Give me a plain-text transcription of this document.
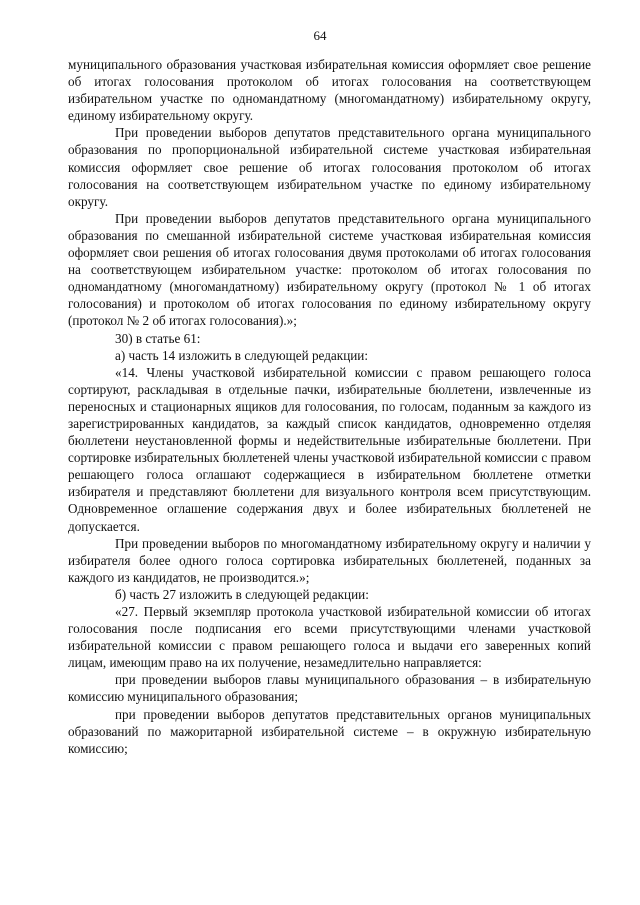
64

муниципального образования участковая избирательная комиссия оформляет свое решение об итогах голосования протоколом об итогах голосования на соответствующем избирательном участке по одномандатному (многомандатному) избирательному округу, единому избирательному округу.

При проведении выборов депутатов представительного органа муниципального образования по пропорциональной избирательной системе участковая избирательная комиссия оформляет свое решение об итогах голосования протоколом об итогах голосования на соответствующем избирательном участке по единому избирательному округу.

При проведении выборов депутатов представительного органа муниципального образования по смешанной избирательной системе участковая избирательная комиссия оформляет свои решения об итогах голосования двумя протоколами об итогах голосования на соответствующем избирательном участке: протоколом об итогах голосования по одномандатному (многомандатному) избирательному округу (протокол № 1 об итогах голосования) и протоколом об итогах голосования по единому избирательному округу (протокол № 2 об итогах голосования).»;

30) в статье 61:

а) часть 14 изложить в следующей редакции:

«14. Члены участковой избирательной комиссии с правом решающего голоса сортируют, раскладывая в отдельные пачки, избирательные бюллетени, извлеченные из переносных и стационарных ящиков для голосования, по голосам, поданным за каждого из зарегистрированных кандидатов, за каждый список кандидатов, одновременно отделяя бюллетени неустановленной формы и недействительные избирательные бюллетени. При сортировке избирательных бюллетеней члены участковой избирательной комиссии с правом решающего голоса оглашают содержащиеся в избирательном бюллетене отметки избирателя и представляют бюллетени для визуального контроля всем присутствующим. Одновременное оглашение содержания двух и более избирательных бюллетеней не допускается.

При проведении выборов по многомандатному избирательному округу и наличии у избирателя более одного голоса сортировка избирательных бюллетеней, поданных за каждого из кандидатов, не производится.»;

б) часть 27 изложить в следующей редакции:

«27. Первый экземпляр протокола участковой избирательной комиссии об итогах голосования после подписания его всеми присутствующими членами участковой избирательной комиссии с правом решающего голоса и выдачи его заверенных копий лицам, имеющим право на их получение, незамедлительно направляется:

при проведении выборов главы муниципального образования – в избирательную комиссию муниципального образования;

при проведении выборов депутатов представительных органов муниципальных образований по мажоритарной избирательной системе – в окружную избирательную комиссию;
